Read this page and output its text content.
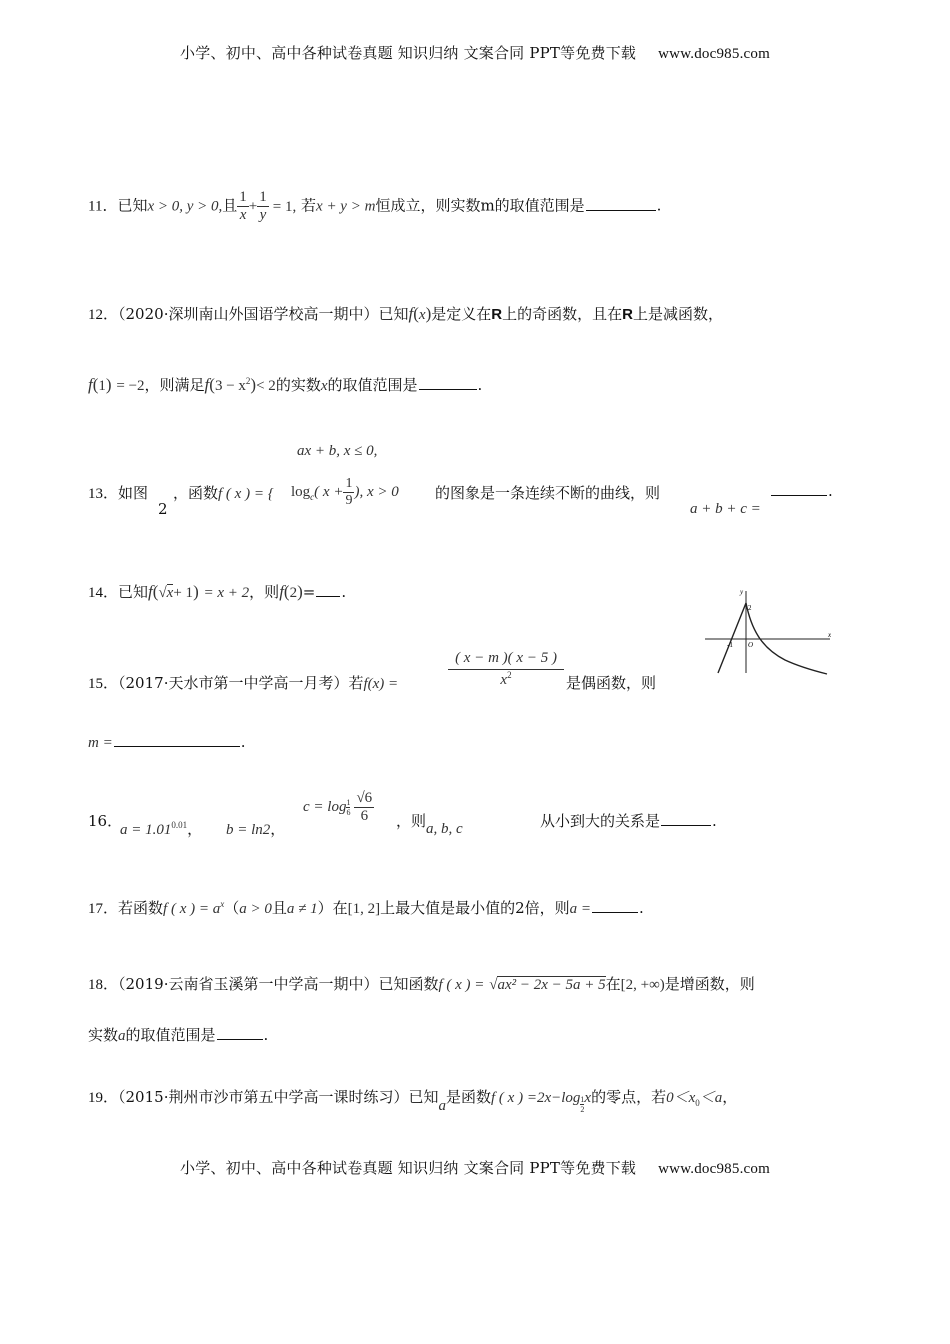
小学、初中、高中各种试卷真题 知识归纳 文案合同 PPT等免费下载 www.doc985.com
11．已知x > 0, y > 0,且 $\frac{1}{x} + \frac{1}{y} = 1$, 若x + y > m恒成立，则实数m的取值范围是	.
12．（2020·深圳南山外国语学校高一期中）已知f(x)是定义在R上的奇函数，且在R上是减函数，
f(1) = −2，则满足$f(3 - x^2)< 2$的实数x的取值范围是	.
ax + b, x ≤ 0,
13．如图
2
，函数f ( x ) = { $\log_c$( $x + \frac{1}{9}$ ), x > 0 的图象是一条连续不断的曲线，则
a + b + c =
.
14．已知f(√x+ 1) = x + 2，则f(2)= .	y
x
2
-1 O
15．（2017·天水市第一中学高一月考）若f(x) =
( x − m )( x − 5 )
$x^2$	是偶函数，则
m =	.
16．
$a = 1.01^{0.01}$， b = ln2，
$c = \log \frac{1}{6} \frac{√6}{6}$ ，则a, b, c	从小到大的关系是	.
17．若函数f ( x ) = $a^x(a > 0$且a ≠ 1）在[1, 2]上最大值是最小值的2倍，则a =	.
18．（2019·云南省玉溪第一中学高一期中）已知函数f ( x ) = √ax² − 2x − 5a + 5在[2, +∞)是增函数，则
实数a的取值范围是	.
19．（2015·荆州市沙市第五中学高一课时练习）已知a是函数f ( x ) $=2x-\log \frac{1}{2}$ x的零点，若$0<x_0<a$，
小学、初中、高中各种试卷真题 知识归纳 文案合同 PPT等免费下载 www.doc985.com
